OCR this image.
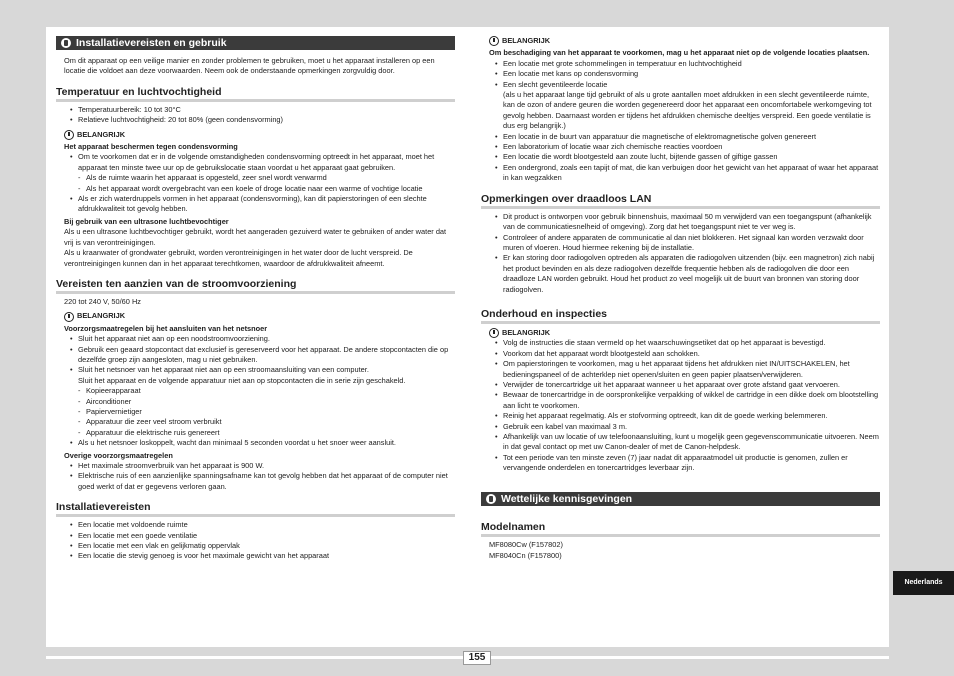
155
Nederlands
Installatievereisten en gebruik
Om dit apparaat op een veilige manier en zonder problemen te gebruiken, moet u het apparaat installeren op een locatie die voldoet aan deze voorwaarden. Neem ook de onderstaande opmerkingen zorgvuldig door.
Temperatuur en luchtvochtigheid
• Temperatuurbereik: 10 tot 30°C
• Relatieve luchtvochtigheid: 20 tot 80% (geen condensvorming)
BELANGRIJK
Het apparaat beschermen tegen condensvorming
• Om te voorkomen dat er in de volgende omstandigheden condensvorming optreedt in het apparaat, moet het apparaat ten minste twee uur op de gebruikslocatie staan voordat u het apparaat gaat gebruiken.
- Als de ruimte waarin het apparaat is opgesteld, zeer snel wordt verwarmd
- Als het apparaat wordt overgebracht van een koele of droge locatie naar een warme of vochtige locatie
• Als er zich waterdruppels vormen in het apparaat (condensvorming), kan dit papierstoringen of een slechte afdrukkwaliteit tot gevolg hebben.
Bij gebruik van een ultrasone luchtbevochtiger
Als u een ultrasone luchtbevochtiger gebruikt, wordt het aangeraden gezuiverd water te gebruiken of ander water dat vrij is van verontreinigingen.
Als u kraanwater of grondwater gebruikt, worden verontreinigingen in het water door de lucht verspreid. De verontreinigingen kunnen dan in het apparaat terechtkomen, waardoor de afdrukkwaliteit afneemt.
Vereisten ten aanzien van de stroomvoorziening
220 tot 240 V, 50/60 Hz
BELANGRIJK
Voorzorgsmaatregelen bij het aansluiten van het netsnoer
• Sluit het apparaat niet aan op een noodstroomvoorziening.
• Gebruik een geaard stopcontact dat exclusief is gereserveerd voor het apparaat. De andere stopcontacten die op dezelfde groep zijn aangesloten, mag u niet gebruiken.
• Sluit het netsnoer van het apparaat niet aan op een stroomaansluiting van een computer.
Sluit het apparaat en de volgende apparatuur niet aan op stopcontacten die in serie zijn geschakeld.
- Kopieerapparaat
- Airconditioner
- Papiervernietiger
- Apparatuur die zeer veel stroom verbruikt
- Apparatuur die elektrische ruis genereert
• Als u het netsnoer loskoppelt, wacht dan minimaal 5 seconden voordat u het snoer weer aansluit.
Overige voorzorgsmaatregelen
• Het maximale stroomverbruik van het apparaat is 900 W.
• Elektrische ruis of een aanzienlijke spanningsafname kan tot gevolg hebben dat het apparaat of de computer niet goed werkt of dat er gegevens verloren gaan.
Installatievereisten
• Een locatie met voldoende ruimte
• Een locatie met een goede ventilatie
• Een locatie met een vlak en gelijkmatig oppervlak
• Een locatie die stevig genoeg is voor het maximale gewicht van het apparaat
BELANGRIJK
Om beschadiging van het apparaat te voorkomen, mag u het apparaat niet op de volgende locaties plaatsen.
• Een locatie met grote schommelingen in temperatuur en luchtvochtigheid
• Een locatie met kans op condensvorming
• Een slecht geventileerde locatie
(als u het apparaat lange tijd gebruikt of als u grote aantallen moet afdrukken in een slecht geventileerde ruimte, kan de ozon of andere geuren die worden gegenereerd door het apparaat een oncomfortabele werkomgeving tot gevolg hebben. Daarnaast worden er tijdens het afdrukken chemische deeltjes verspreid. Een goede ventilatie is dus erg belangrijk.)
• Een locatie in de buurt van apparatuur die magnetische of elektromagnetische golven genereert
• Een laboratorium of locatie waar zich chemische reacties voordoen
• Een locatie die wordt blootgesteld aan zoute lucht, bijtende gassen of giftige gassen
• Een ondergrond, zoals een tapijt of mat, die kan verbuigen door het gewicht van het apparaat of waar het apparaat in kan wegzakken
Opmerkingen over draadloos LAN
• Dit product is ontworpen voor gebruik binnenshuis, maximaal 50 m verwijderd van een toegangspunt (afhankelijk van de communicatiesnelheid of omgeving). Zorg dat het toegangspunt niet te ver weg is.
• Controleer of andere apparaten de communicatie al dan niet blokkeren. Het signaal kan worden verzwakt door muren of vloeren. Houd hiermee rekening bij de installatie.
• Er kan storing door radiogolven optreden als apparaten die radiogolven uitzenden (bijv. een magnetron) zich nabij het product bevinden en als deze radiogolven dezelfde frequentie hebben als de radiogolven die door een draadloze LAN worden gebruikt. Houd het product zo veel mogelijk uit de buurt van bronnen van storing door radiogolven.
Onderhoud en inspecties
BELANGRIJK
• Volg de instructies die staan vermeld op het waarschuwingsetiket dat op het apparaat is bevestigd.
• Voorkom dat het apparaat wordt blootgesteld aan schokken.
• Om papierstoringen te voorkomen, mag u het apparaat tijdens het afdrukken niet IN/UITSCHAKELEN, het bedieningspaneel of de achterklep niet openen/sluiten en geen papier plaatsen/verwijderen.
• Verwijder de tonercartridge uit het apparaat wanneer u het apparaat over grote afstand gaat vervoeren.
• Bewaar de tonercartridge in de oorspronkelijke verpakking of wikkel de cartridge in een dikke doek om blootstelling aan licht te voorkomen.
• Reinig het apparaat regelmatig. Als er stofvorming optreedt, kan dit de goede werking belemmeren.
• Gebruik een kabel van maximaal 3 m.
• Afhankelijk van uw locatie of uw telefoonaansluiting, kunt u mogelijk geen gegevenscommunicatie uitvoeren. Neem in dat geval contact op met uw Canon-dealer of met de Canon-helpdesk.
• Tot een periode van ten minste zeven (7) jaar nadat dit apparaatmodel uit productie is genomen, zullen er vervangende onderdelen en tonercartridges leverbaar zijn.
Wettelijke kennisgevingen
Modelnamen
MF8080Cw (F157802)
MF8040Cn (F157800)
